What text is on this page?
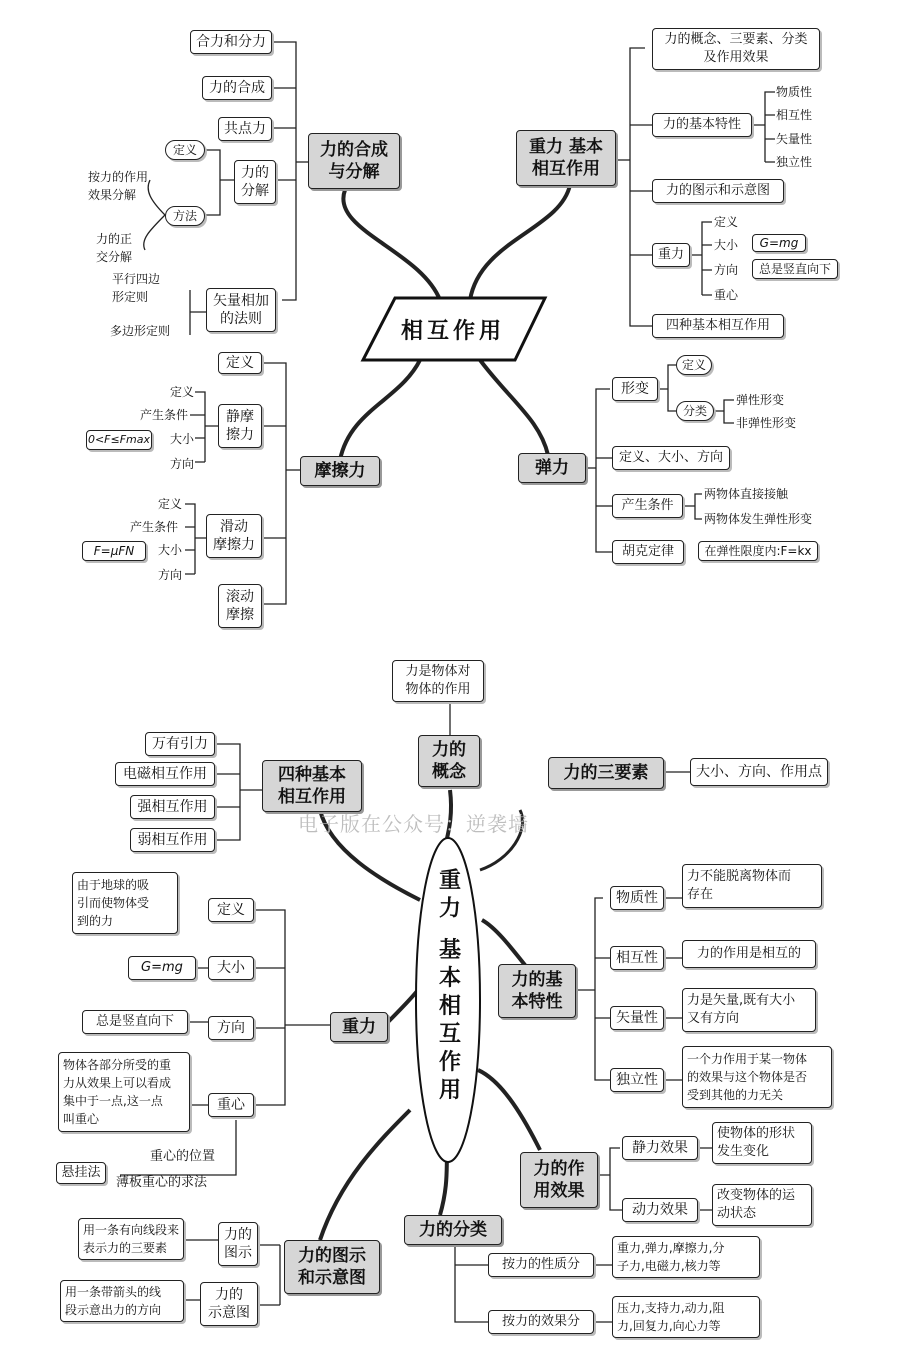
相互作用
力的合成
与分解
合力和分力
力的合成
共点力
力的
分解
矢量相加
的法则
定义
方法
按力的作用
效果分解
力的正
交分解
平行四边
形定则
多边形定则
重力 基本
相互作用
力的概念、三要素、分类
及作用效果
力的基本特性
力的图示和示意图
重力
四种基本相互作用
物质性
相互性
矢量性
独立性
定义
大小	G=mg
方向	总是竖直向下
重心
摩擦力
定义
静摩
擦力
滑动
摩擦力
滚动
摩擦
定义
产生条件
大小
0<F≤Fmax
方向
定义
产生条件
大小
F=μFN
方向
弹力
形变
定义、大小、方向
产生条件
胡克定律
定义
分类
弹性形变
非弹性形变
两物体直接接触
两物体发生弹性形变
在弹性限度内:F=kx
重力 基本相互作用
电子版在公众号：逆袭墙
力是物体对
物体的作用
力的
概念
四种基本
相互作用
万有引力
电磁相互作用
强相互作用
弱相互作用
力的三要素	大小、方向、作用点
力的基
本特性
物质性
相互性
矢量性
独立性
力不能脱离物体而
存在
力的作用是相互的
力是矢量,既有大小
又有方向
一个力作用于某一物体
的效果与这个物体是否
受到其他的力无关
重力
定义
大小
方向
重心
由于地球的吸
引而使物体受
到的力
G=mg
总是竖直向下
物体各部分所受的重
力从效果上可以看成
集中于一点,这一点
叫重心
重心的位置
薄板重心的求法
悬挂法	力的作
用效果
静力效果
动力效果
使物体的形状
发生变化
改变物体的运
动状态
力的图示
和示意图
力的
图示
力的
示意图
用一条有向线段来
表示力的三要素
用一条带箭头的线
段示意出力的方向
力的分类
按力的性质分
按力的效果分
重力,弹力,摩擦力,分
子力,电磁力,核力等
压力,支持力,动力,阻
力,回复力,向心力等
